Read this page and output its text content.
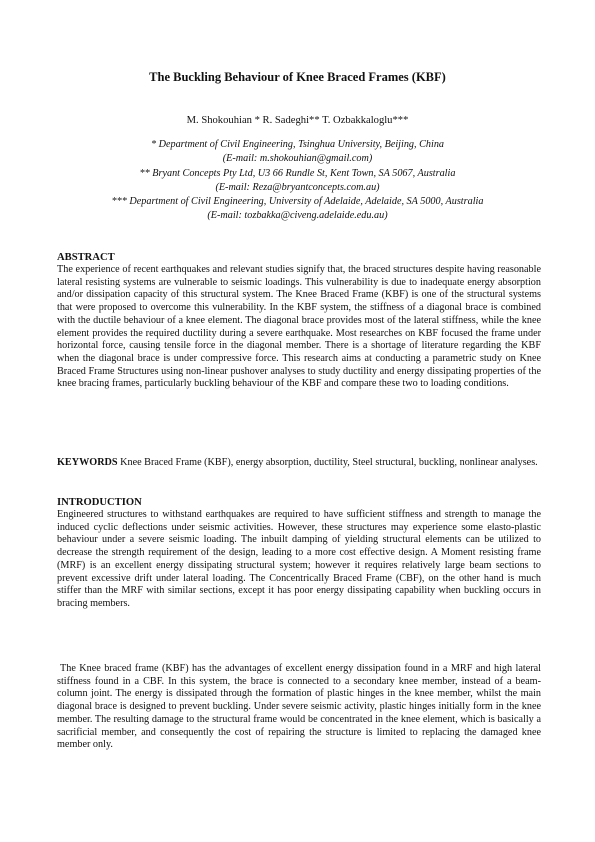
The Buckling Behaviour of Knee Braced Frames (KBF)
M. Shokouhian * R. Sadeghi** T. Ozbakkaloglu***
* Department of Civil Engineering, Tsinghua University, Beijing, China
(E-mail: m.shokouhian@gmail.com)
** Bryant Concepts Pty Ltd, U3 66 Rundle St, Kent Town, SA 5067, Australia
(E-mail: Reza@bryantconcepts.com.au)
*** Department of Civil Engineering, University of Adelaide, Adelaide, SA 5000, Australia
(E-mail: tozbakka@civeng.adelaide.edu.au)
ABSTRACT

The experience of recent earthquakes and relevant studies signify that, the braced structures despite having reasonable lateral resisting systems are vulnerable to seismic loadings. This vulnerability is due to inadequate energy absorption and/or dissipation capacity of this structural system. The Knee Braced Frame (KBF) is one of the structural systems that were proposed to overcome this vulnerability. In the KBF system, the stiffness of a diagonal brace is combined with the ductile behaviour of a knee element. The diagonal brace provides most of the lateral stiffness, while the knee element provides the required ductility during a severe earthquake. Most researches on KBF focused the frame under horizontal force, causing tensile force in the diagonal member. There is a shortage of literature regarding the KBF when the diagonal brace is under compressive force. This research aims at conducting a parametric study on Knee Braced Frame Structures using non-linear pushover analyses to study ductility and energy dissipating properties of the knee bracing frames, particularly buckling behaviour of the KBF and compare these two to loading conditions.

KEYWORDS Knee Braced Frame (KBF), energy absorption, ductility, Steel structural, buckling, nonlinear analyses.

INTRODUCTION

Engineered structures to withstand earthquakes are required to have sufficient stiffness and strength to manage the induced cyclic deflections under seismic activities. However, these structures may experience some elasto-plastic behaviour under a severe seismic loading. The inbuilt damping of yielding structural elements can be utilized to decrease the strength requirement of the design, leading to a more cost effective design. A Moment resisting frame (MRF) is an excellent energy dissipating structural system; however it requires relatively large beam sections to prevent excessive drift under lateral loading. The Concentrically Braced Frame (CBF), on the other hand is much stiffer than the MRF with similar sections, except it has poor energy dissipating capability when buckling occurs in bracing members.

The Knee braced frame (KBF) has the advantages of excellent energy dissipation found in a MRF and high lateral stiffness found in a CBF. In this system, the brace is connected to a secondary knee member, instead of a beam-column joint. The energy is dissipated through the formation of plastic hinges in the knee member, whilst the main diagonal brace is designed to prevent buckling. Under severe seismic activity, plastic hinges initially form in the knee member. The resulting damage to the structural frame would be concentrated in the knee element, which is basically a sacrificial member, and consequently the cost of repairing the structure is limited to replacing the damaged knee member only.
